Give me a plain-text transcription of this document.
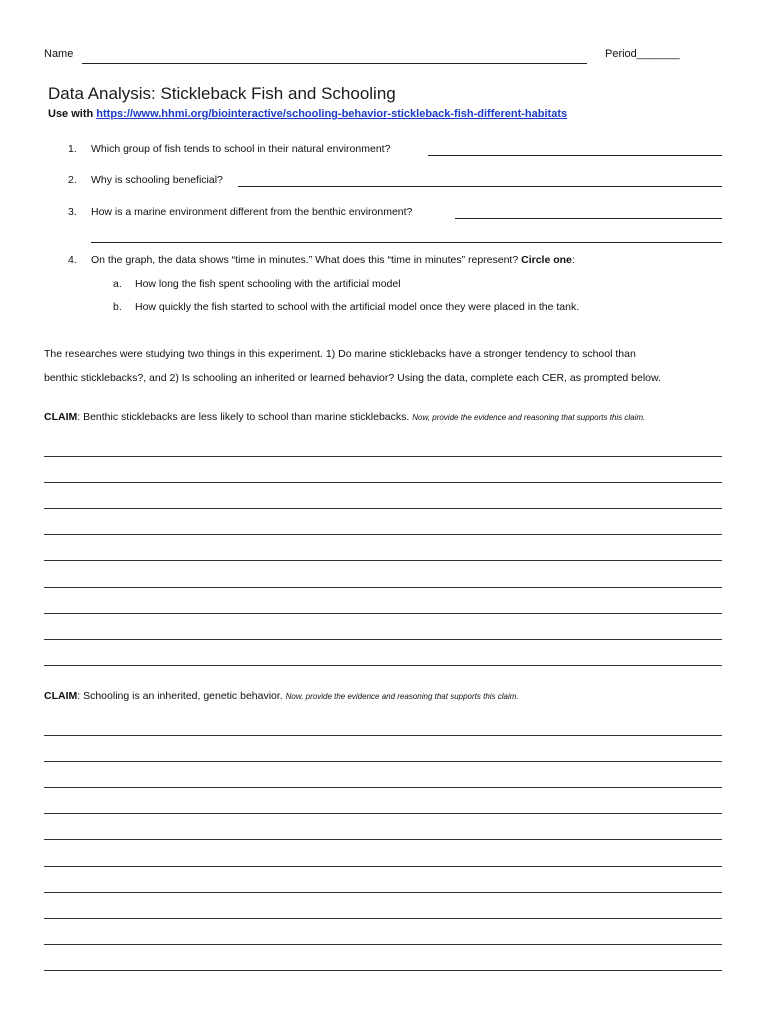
Name	Period_______
Data Analysis: Stickleback Fish and Schooling
Use with https://www.hhmi.org/biointeractive/schooling-behavior-stickleback-fish-different-habitats
1. Which group of fish tends to school in their natural environment?
2. Why is schooling beneficial?
3. How is a marine environment different from the benthic environment?
4. On the graph, the data shows “time in minutes.” What does this “time in minutes” represent? Circle one:
a. How long the fish spent schooling with the artificial model
b. How quickly the fish started to school with the artificial model once they were placed in the tank.
The researches were studying two things in this experiment. 1) Do marine sticklebacks have a stronger tendency to school than
benthic sticklebacks?, and 2) Is schooling an inherited or learned behavior? Using the data, complete each CER, as prompted below.
CLAIM: Benthic sticklebacks are less likely to school than marine sticklebacks. Now, provide the evidence and reasoning that supports this claim.
CLAIM: Schooling is an inherited, genetic behavior. Now, provide the evidence and reasoning that supports this claim.
